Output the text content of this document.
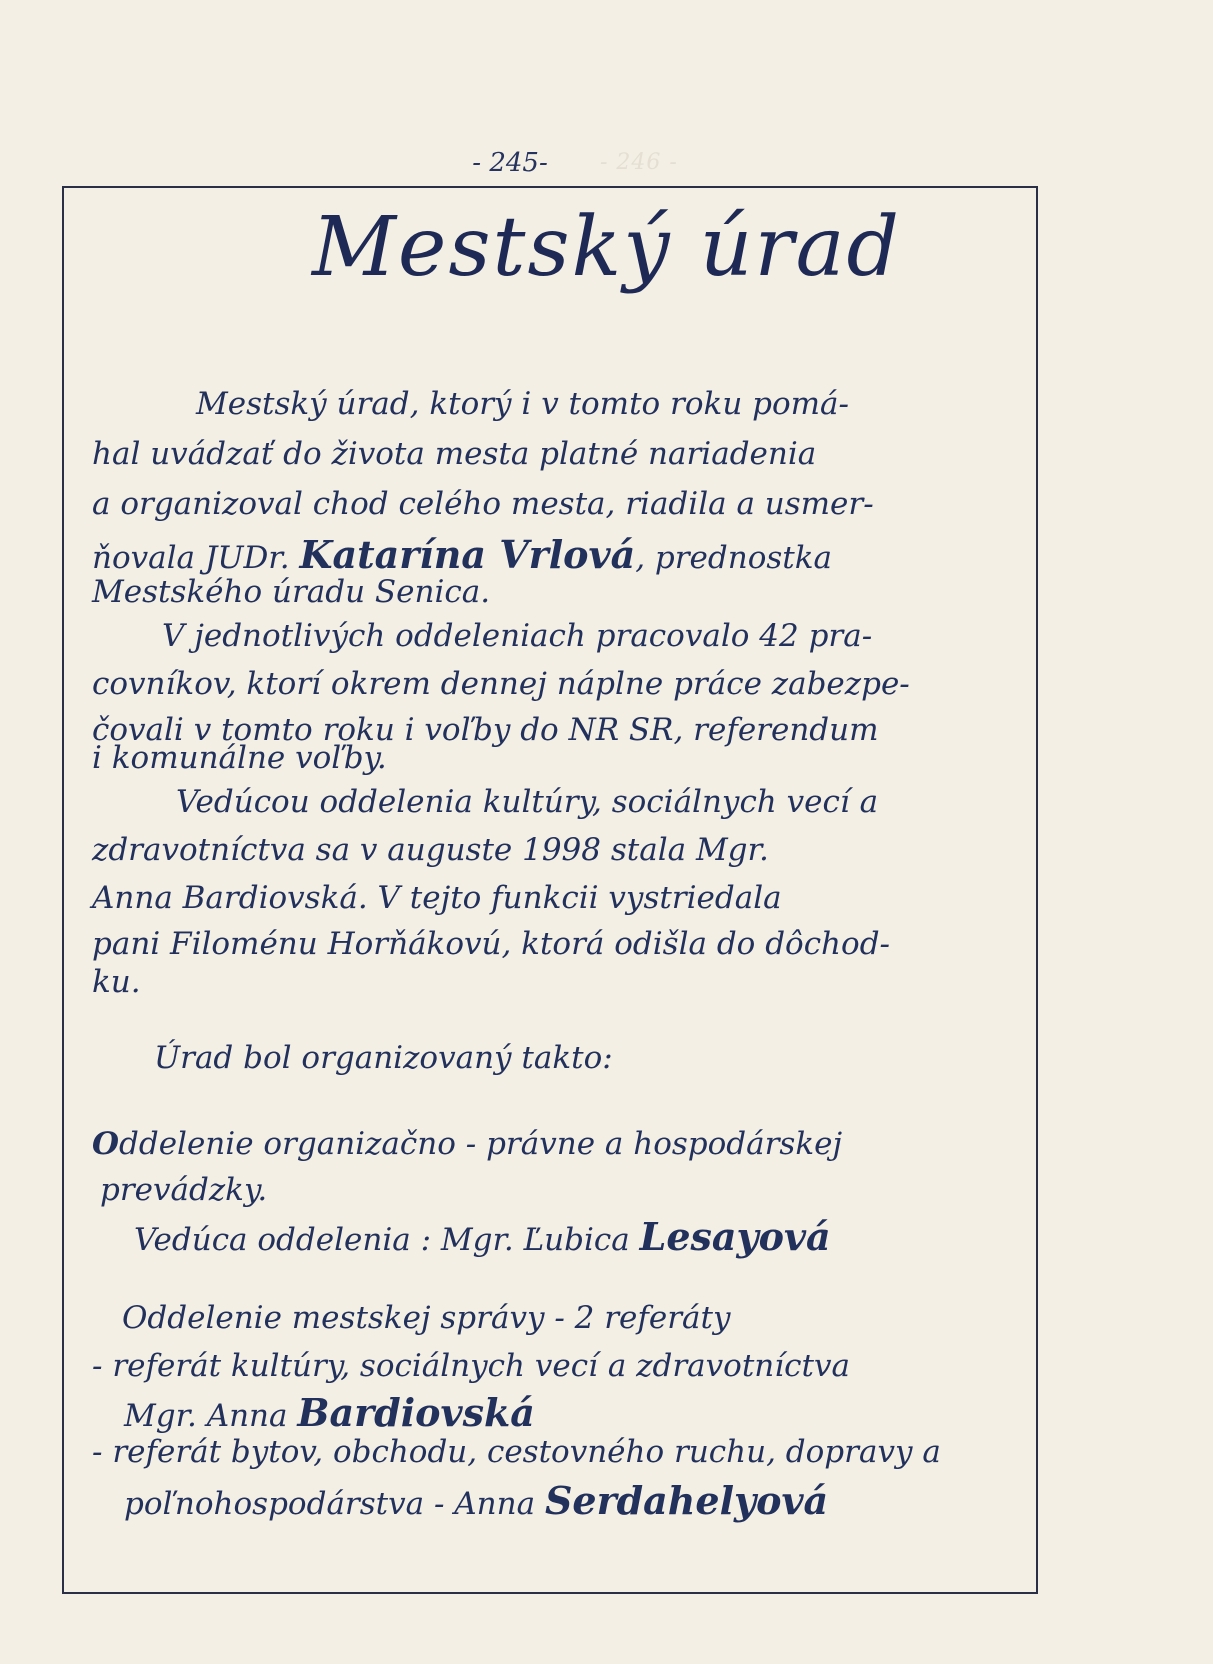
- 246 -
- 245-
Mestský úrad

Mestský úrad, ktorý i v tomto roku pomá-

hal uvádzať do života mesta platné nariadenia

a organizoval chod celého mesta, riadila a usmer-

ňovala JUDr. Katarína Vrlová, prednostka

Mestského úradu Senica.

V jednotlivých oddeleniach pracovalo 42 pra-

covníkov, ktorí okrem dennej náplne práce zabezpe-

čovali v tomto roku i voľby do NR SR, referendum

i komunálne voľby.

Vedúcou oddelenia kultúry, sociálnych vecí a

zdravotníctva sa v auguste 1998 stala Mgr.

Anna Bardiovská. V tejto funkcii vystriedala

pani Filoménu Horňákovú, ktorá odišla do dôchod-

ku.

Úrad bol organizovaný takto:

Oddelenie organizačno - právne a hospodárskej

prevádzky.

Vedúca oddelenia : Mgr. Ľubica Lesayová

Oddelenie mestskej správy - 2 referáty

- referát kultúry, sociálnych vecí a zdravotníctva

Mgr. Anna Bardiovská

- referát bytov, obchodu, cestovného ruchu, dopravy a

poľnohospodárstva - Anna Serdahelyová
